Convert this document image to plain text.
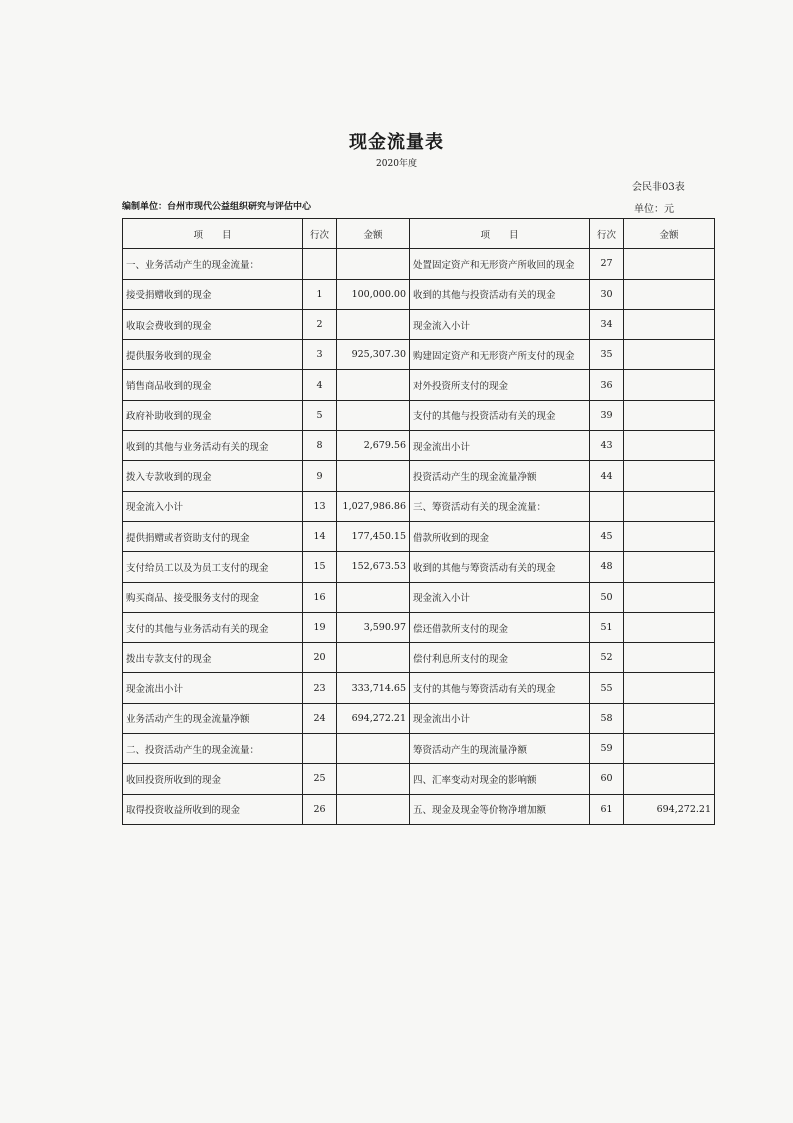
现金流量表
2020年度
会民非03表
编制单位：台州市现代公益组织研究与评估中心	单位：元
项　　目	行次	金额	项　　目	行次	金额
一、业务活动产生的现金流量：			处置固定资产和无形资产所收回的现金	27	
接受捐赠收到的现金	1	100,000.00	收到的其他与投资活动有关的现金	30	
收取会费收到的现金	2		现金流入小计	34	
提供服务收到的现金	3	925,307.30	购建固定资产和无形资产所支付的现金	35	
销售商品收到的现金	4		对外投资所支付的现金	36	
政府补助收到的现金	5		支付的其他与投资活动有关的现金	39	
收到的其他与业务活动有关的现金	8	2,679.56	现金流出小计	43	
拨入专款收到的现金	9		投资活动产生的现金流量净额	44	
现金流入小计	13	1,027,986.86	三、筹资活动有关的现金流量：		
提供捐赠或者资助支付的现金	14	177,450.15	借款所收到的现金	45	
支付给员工以及为员工支付的现金	15	152,673.53	收到的其他与筹资活动有关的现金	48	
购买商品、接受服务支付的现金	16		现金流入小计	50	
支付的其他与业务活动有关的现金	19	3,590.97	偿还借款所支付的现金	51	
拨出专款支付的现金	20		偿付利息所支付的现金	52	
现金流出小计	23	333,714.65	支付的其他与筹资活动有关的现金	55	
业务活动产生的现金流量净额	24	694,272.21	现金流出小计	58	
二、投资活动产生的现金流量：			筹资活动产生的现流量净额	59	
收回投资所收到的现金	25		四、汇率变动对现金的影响额	60	
取得投资收益所收到的现金	26		五、现金及现金等价物净增加额	61	694,272.21
